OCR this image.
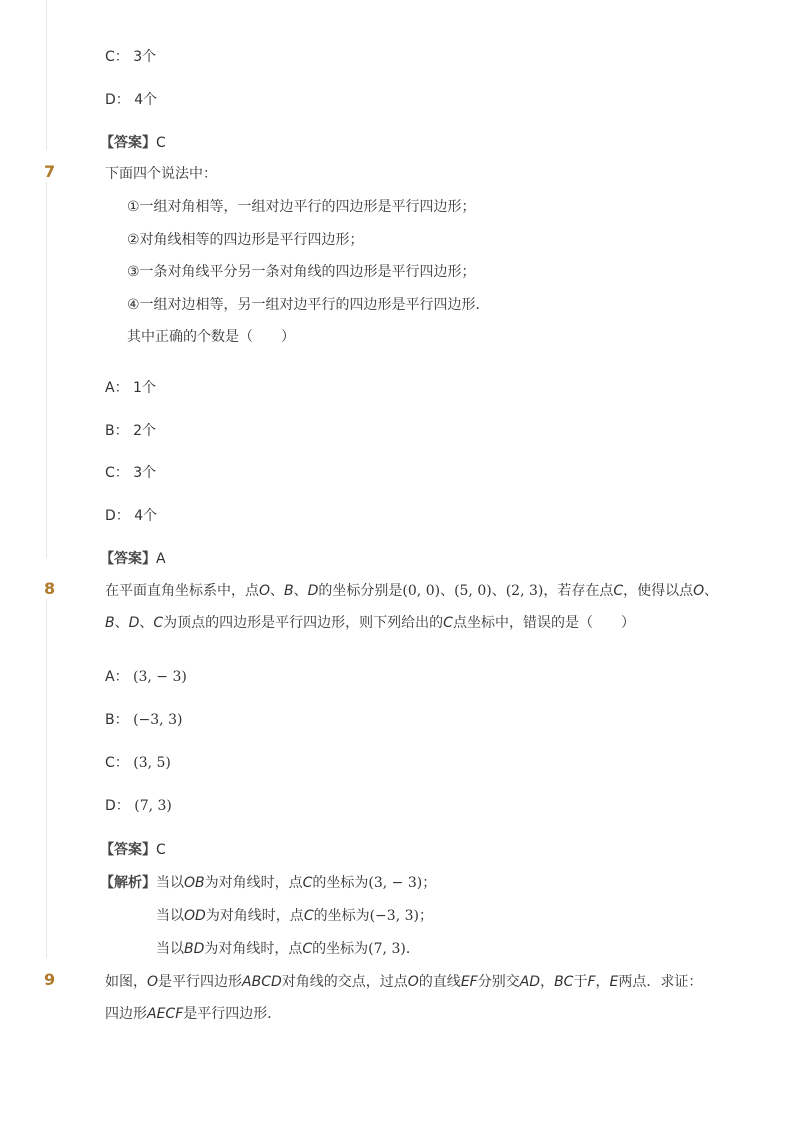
C： 3个
D： 4个
【答案】C
7	下面四个说法中：
①一组对角相等，一组对边平行的四边形是平行四边形；
②对角线相等的四边形是平行四边形；
③一条对角线平分另一条对角线的四边形是平行四边形；
④一组对边相等，另一组对边平行的四边形是平行四边形．
其中正确的个数是（　　）
A： 1个
B： 2个
C： 3个
D： 4个
【答案】A
8	在平面直角坐标系中，点O、B、D的坐标分别是(0, 0)、(5, 0)、(2, 3)，若存在点C，使得以点O、
B、D、C为顶点的四边形是平行四边形，则下列给出的C点坐标中，错误的是（　　）
A： (3, − 3)
B： (−3, 3)
C： (3, 5)
D： (7, 3)
【答案】C
【解析】当以OB为对角线时，点C的坐标为(3, − 3)；
当以OD为对角线时，点C的坐标为(−3, 3)；
当以BD为对角线时，点C的坐标为(7, 3)．
9	如图，O是平行四边形ABCD对角线的交点，过点O的直线EF分别交AD，BC于F，E两点．求证：
四边形AECF是平行四边形．
